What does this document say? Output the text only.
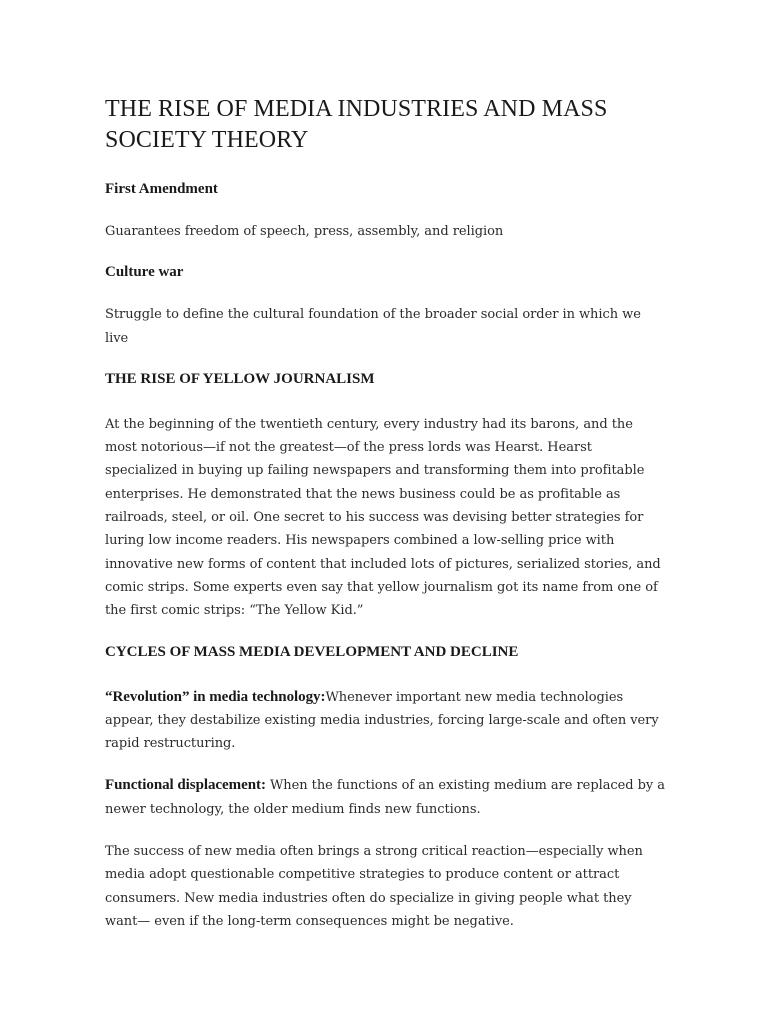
THE RISE OF MEDIA INDUSTRIES AND MASS SOCIETY THEORY
First Amendment

Guarantees freedom of speech, press, assembly, and religion

Culture war

Struggle to define the cultural foundation of the broader social order in which we live

THE RISE OF YELLOW JOURNALISM

At the beginning of the twentieth century, every industry had its barons, and the most notorious—if not the greatest—of the press lords was Hearst. Hearst specialized in buying up failing newspapers and transforming them into profitable enterprises. He demonstrated that the news business could be as profitable as railroads, steel, or oil. One secret to his success was devising better strategies for luring low income readers. His newspapers combined a low-selling price with innovative new forms of content that included lots of pictures, serialized stories, and comic strips. Some experts even say that yellow journalism got its name from one of the first comic strips: “The Yellow Kid.”

CYCLES OF MASS MEDIA DEVELOPMENT AND DECLINE

“Revolution” in media technology:Whenever important new media technologies appear, they destabilize existing media industries, forcing large-scale and often very rapid restructuring.

Functional displacement: When the functions of an existing medium are replaced by a newer technology, the older medium finds new functions.

The success of new media often brings a strong critical reaction—especially when media adopt questionable competitive strategies to produce content or attract consumers. New media industries often do specialize in giving people what they want— even if the long-term consequences might be negative.
